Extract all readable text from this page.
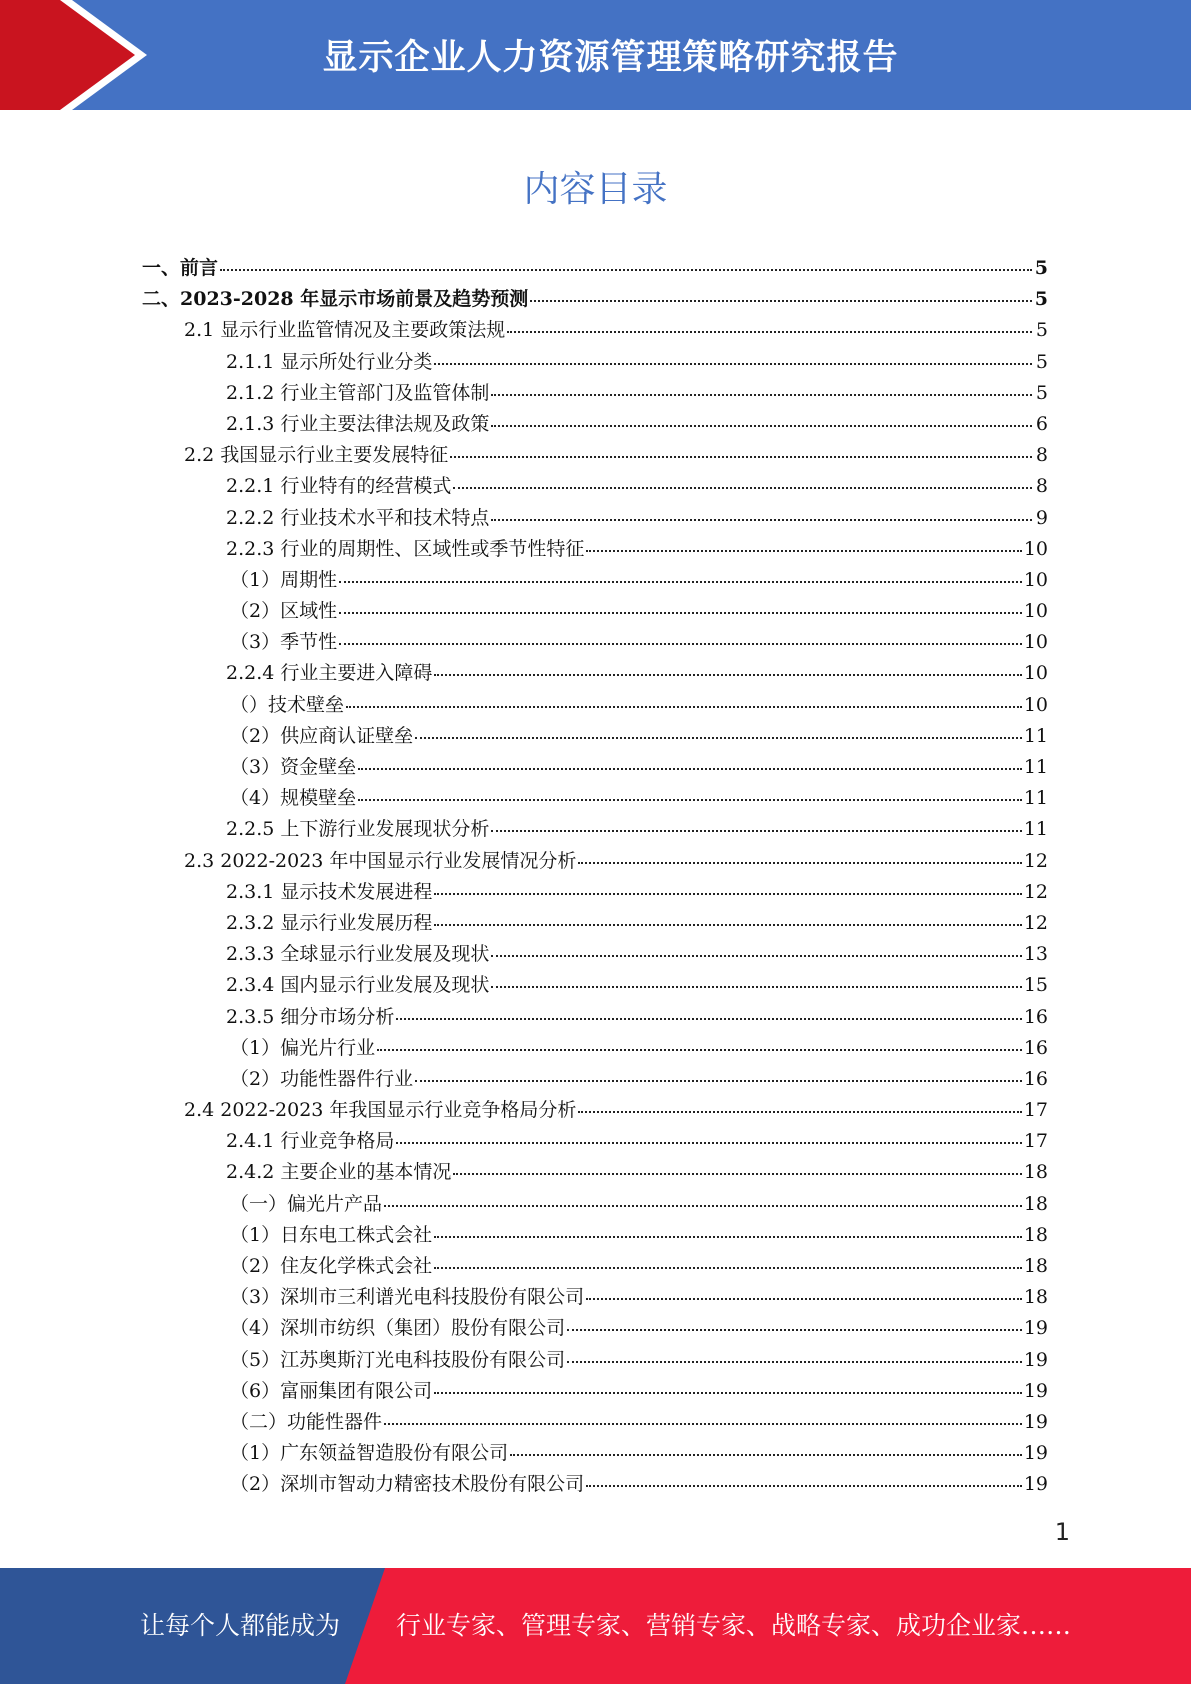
显示企业人力资源管理策略研究报告
内容目录
一、前言	5
二、2023-2028 年显示市场前景及趋势预测	5
2.1 显示行业监管情况及主要政策法规	5
2.1.1 显示所处行业分类	5
2.1.2 行业主管部门及监管体制	5
2.1.3 行业主要法律法规及政策	6
2.2 我国显示行业主要发展特征	8
2.2.1 行业特有的经营模式	8
2.2.2 行业技术水平和技术特点	9
2.2.3 行业的周期性、区域性或季节性特征	10
（1）周期性	10
（2）区域性	10
（3）季节性	10
2.2.4 行业主要进入障碍	10
（）技术壁垒	10
（2）供应商认证壁垒	11
（3）资金壁垒	11
（4）规模壁垒	11
2.2.5 上下游行业发展现状分析	11
2.3 2022-2023 年中国显示行业发展情况分析	12
2.3.1 显示技术发展进程	12
2.3.2 显示行业发展历程	12
2.3.3 全球显示行业发展及现状	13
2.3.4 国内显示行业发展及现状	15
2.3.5 细分市场分析	16
（1）偏光片行业	16
（2）功能性器件行业	16
2.4 2022-2023 年我国显示行业竞争格局分析	17
2.4.1 行业竞争格局	17
2.4.2 主要企业的基本情况	18
（一）偏光片产品	18
（1）日东电工株式会社	18
（2）住友化学株式会社	18
（3）深圳市三利谱光电科技股份有限公司	18
（4）深圳市纺织（集团）股份有限公司	19
（5）江苏奥斯汀光电科技股份有限公司	19
（6）富丽集团有限公司	19
（二）功能性器件	19
（1）广东领益智造股份有限公司	19
（2）深圳市智动力精密技术股份有限公司	19
1
让每个人都能成为 行业专家、管理专家、营销专家、战略专家、成功企业家……
